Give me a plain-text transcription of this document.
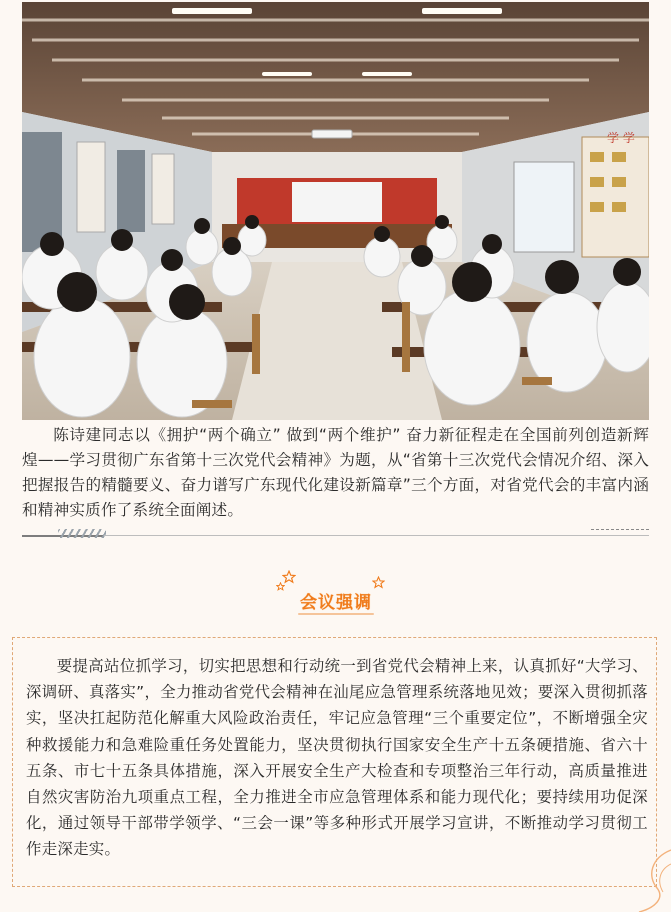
学 学

陈诗建同志以《拥护“两个确立” 做到“两个维护” 奋力新征程走在全国前列创造新辉煌——学习贯彻广东省第十三次党代会精神》为题，从“省第十三次党代会情况介绍、深入把握报告的精髓要义、奋力谱写广东现代化建设新篇章”三个方面，对省党代会的丰富内涵和精神实质作了系统全面阐述。

会议强调

要提高站位抓学习，切实把思想和行动统一到省党代会精神上来，认真抓好“大学习、深调研、真落实”，全力推动省党代会精神在汕尾应急管理系统落地见效；要深入贯彻抓落实，坚决扛起防范化解重大风险政治责任，牢记应急管理“三个重要定位”，不断增强全灾种救援能力和急难险重任务处置能力，坚决贯彻执行国家安全生产十五条硬措施、省六十五条、市七十五条具体措施，深入开展安全生产大检查和专项整治三年行动，高质量推进自然灾害防治九项重点工程，全力推进全市应急管理体系和能力现代化；要持续用功促深化，通过领导干部带学领学、“三会一课”等多种形式开展学习宣讲，不断推动学习贯彻工作走深走实。
